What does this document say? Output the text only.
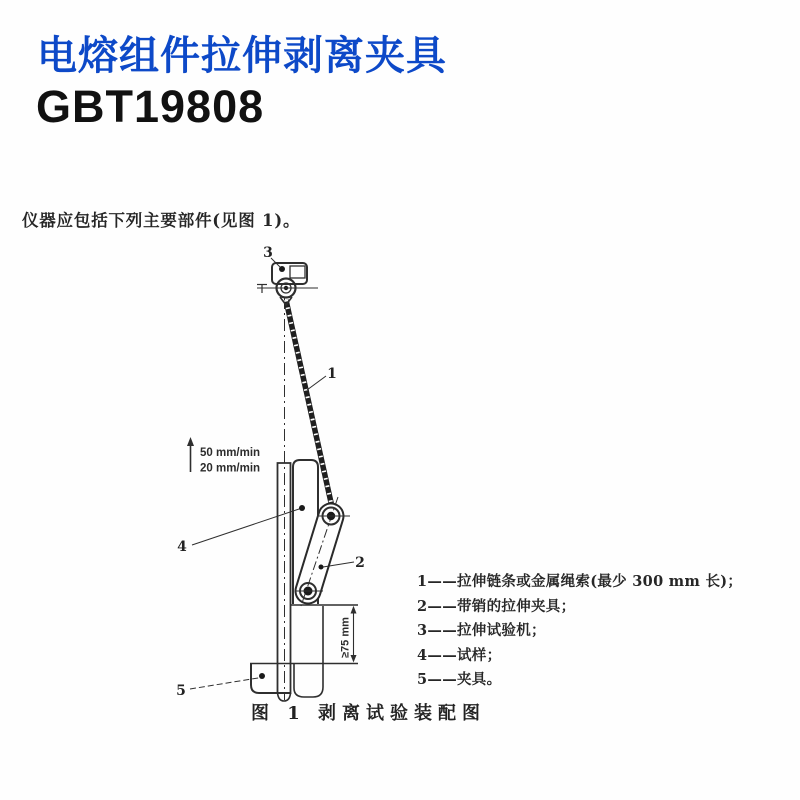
电熔组件拉伸剥离夹具
GBT19808

仪器应包括下列主要部件(见图 1)。

3
1
2
4
5
50 mm/min
20 mm/min
≥75 mm
1——拉伸链条或金属绳索(最少 300 mm 长)；
2——带销的拉伸夹具；
3——拉伸试验机；
4——试样；
5——夹具。
图 1 剥离试验装配图
